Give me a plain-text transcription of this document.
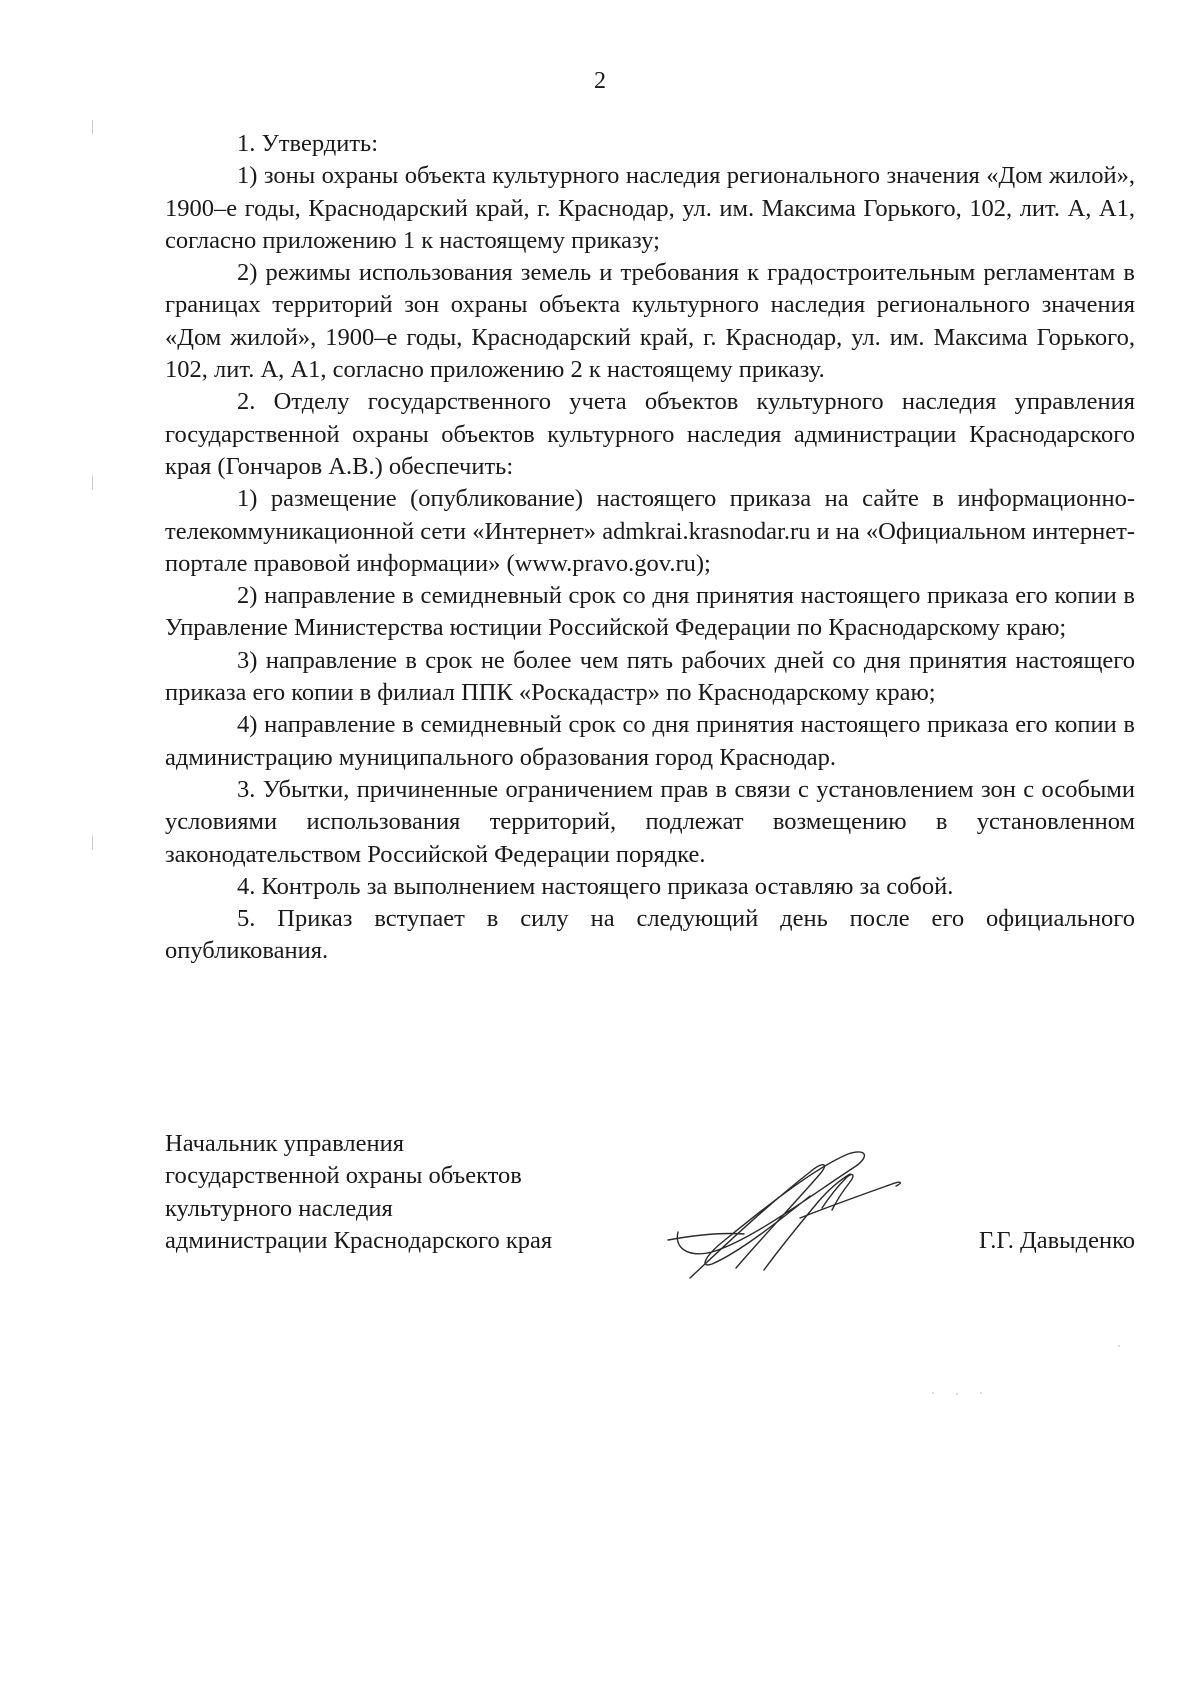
2

1. Утвердить:

1) зоны охраны объекта культурного наследия регионального значения «Дом жилой», 1900–е годы, Краснодарский край, г. Краснодар, ул. им. Максима Горького, 102, лит. А, А1, согласно приложению 1 к настоящему приказу;

2) режимы использования земель и требования к градостроительным регламентам в границах территорий зон охраны объекта культурного наследия регионального значения «Дом жилой», 1900–е годы, Краснодарский край, г. Краснодар, ул. им. Максима Горького, 102, лит. А, А1, согласно приложению 2 к настоящему приказу.

2. Отделу государственного учета объектов культурного наследия управления государственной охраны объектов культурного наследия администрации Краснодарского края (Гончаров А.В.) обеспечить:

1) размещение (опубликование) настоящего приказа на сайте в информационно-телекоммуникационной сети «Интернет» admkrai.krasnodar.ru и на «Официальном интернет-портале правовой информации» (www.pravo.gov.ru);

2) направление в семидневный срок со дня принятия настоящего приказа его копии в Управление Министерства юстиции Российской Федерации по Краснодарскому краю;

3) направление в срок не более чем пять рабочих дней со дня принятия настоящего приказа его копии в филиал ППК «Роскадастр» по Краснодарскому краю;

4) направление в семидневный срок со дня принятия настоящего приказа его копии в администрацию муниципального образования город Краснодар.

3. Убытки, причиненные ограничением прав в связи с установлением зон с особыми условиями использования территорий, подлежат возмещению в установленном законодательством Российской Федерации порядке.

4. Контроль за выполнением настоящего приказа оставляю за собой.

5. Приказ вступает в силу на следующий день после его официального опубликования.

Начальник управления
государственной охраны объектов
культурного наследия
администрации Краснодарского края	Г.Г. Давыденко
